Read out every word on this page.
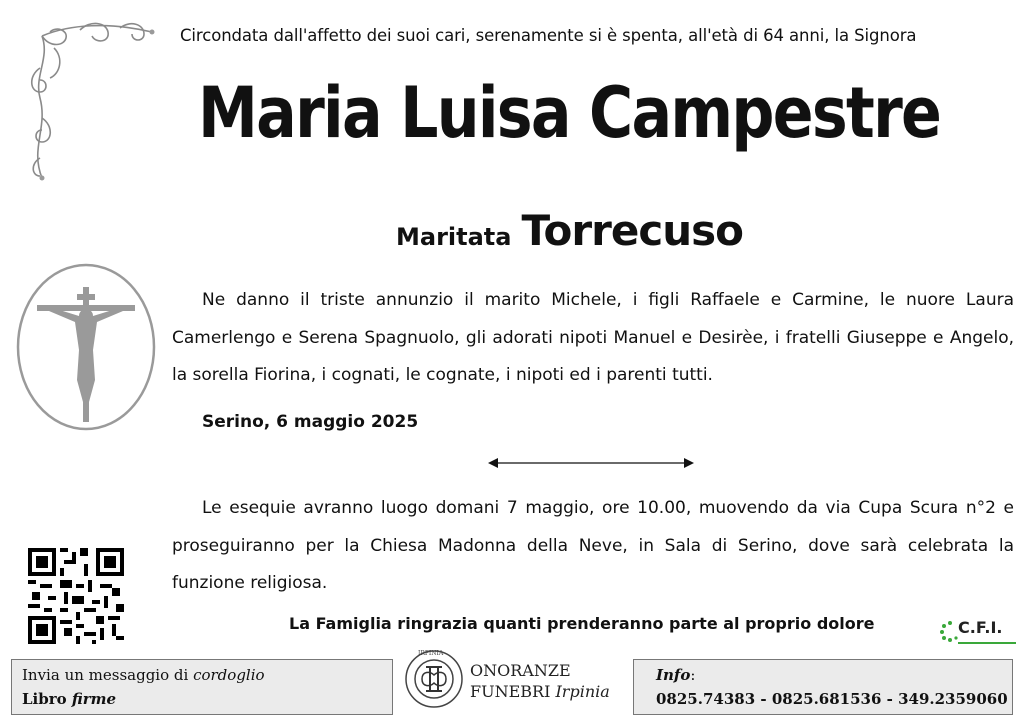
Circondata dall'affetto dei suoi cari, serenamente si è spenta, all'età di 64 anni, la Signora
Maria Luisa Campestre
Maritata Torrecuso
Ne danno il triste annunzio il marito Michele, i figli Raffaele e Carmine, le nuore Laura Camerlengo e Serena Spagnuolo, gli adorati nipoti Manuel e Desirèe, i fratelli Giuseppe e Angelo, la sorella Fiorina, i cognati, le cognate, i nipoti ed i parenti tutti.
Serino, 6 maggio 2025
Le esequie avranno luogo domani 7 maggio, ore 10.00, muovendo da via Cupa Scura n°2 e proseguiranno per la Chiesa Madonna della Neve, in Sala di Serino, dove sarà celebrata la funzione religiosa.
La Famiglia ringrazia quanti prenderanno parte al proprio dolore	C.F.I.
Invia un messaggio di cordoglio
Libro firme
IRPINIA
ONORANZE
FUNEBRI Irpinia
Info:
0825.74383 - 0825.681536 - 349.2359060
